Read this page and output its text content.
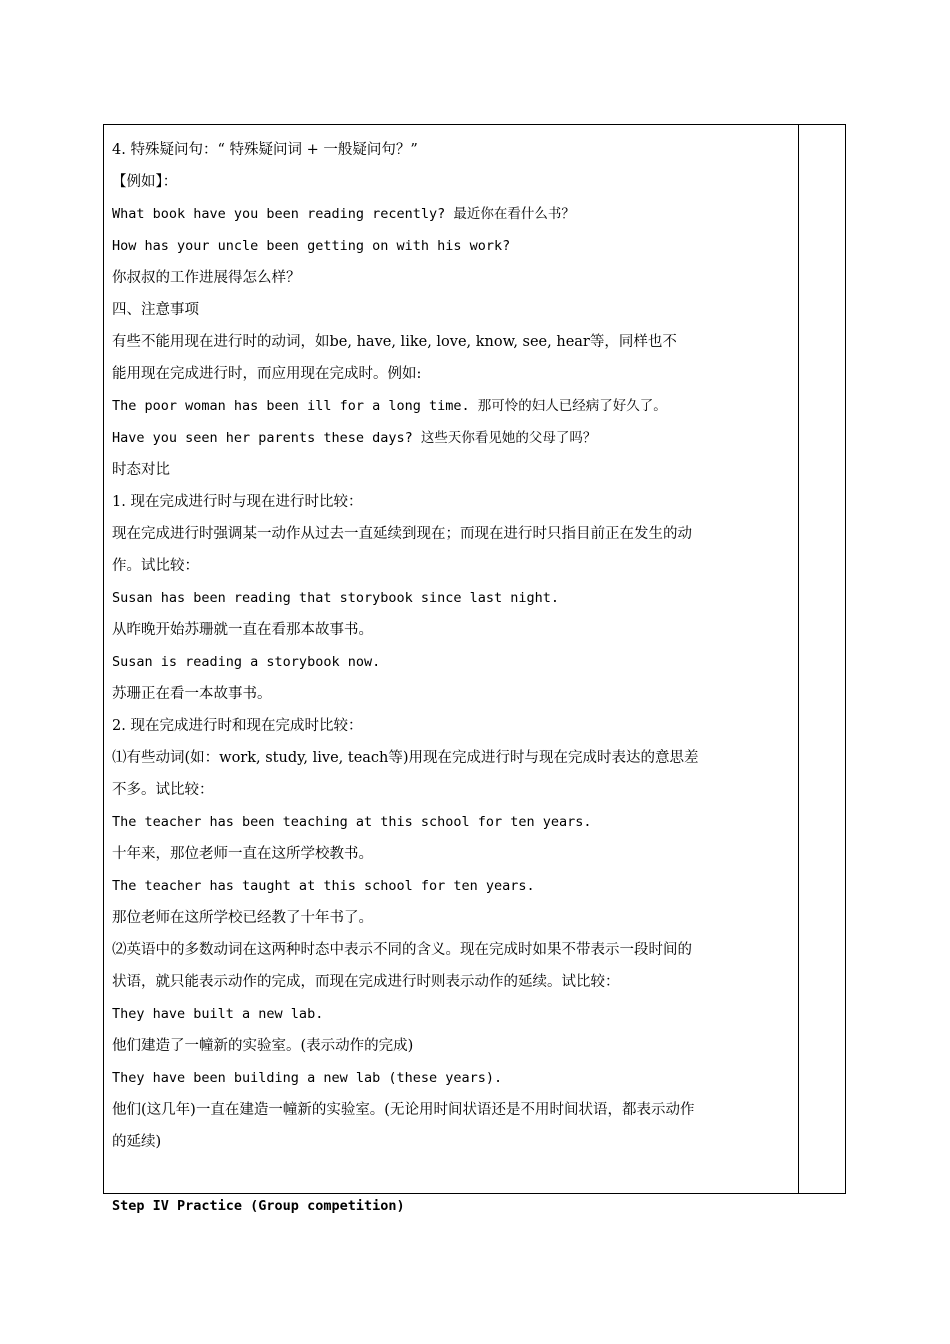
4. 特殊疑问句：“ 特殊疑问词 + 一般疑问句？”
【例如】：
What book have you been reading recently? 最近你在看什么书？
How has your uncle been getting on with his work?
你叔叔的工作进展得怎么样？
四、注意事项
有些不能用现在进行时的动词，如be, have, like, love, know, see, hear等，同样也不
能用现在完成进行时，而应用现在完成时。例如:
The poor woman has been ill for a long time. 那可怜的妇人已经病了好久了。
Have you seen her parents these days? 这些天你看见她的父母了吗？
时态对比
1. 现在完成进行时与现在进行时比较：
现在完成进行时强调某一动作从过去一直延续到现在；而现在进行时只指目前正在发生的动
作。试比较：
Susan has been reading that storybook since last night.
从昨晚开始苏珊就一直在看那本故事书。
Susan is reading a storybook now.
苏珊正在看一本故事书。
2. 现在完成进行时和现在完成时比较：
⑴有些动词(如：work, study, live, teach等)用现在完成进行时与现在完成时表达的意思差
不多。试比较：
The teacher has been teaching at this school for ten years.
十年来，那位老师一直在这所学校教书。
The teacher has taught at this school for ten years.
那位老师在这所学校已经教了十年书了。
⑵英语中的多数动词在这两种时态中表示不同的含义。现在完成时如果不带表示一段时间的
状语，就只能表示动作的完成，而现在完成进行时则表示动作的延续。试比较：
They have built a new lab.
他们建造了一幢新的实验室。(表示动作的完成)
They have been building a new lab (these years).
他们(这几年)一直在建造一幢新的实验室。(无论用时间状语还是不用时间状语，都表示动作
的延续)
Step IV Practice (Group competition)
